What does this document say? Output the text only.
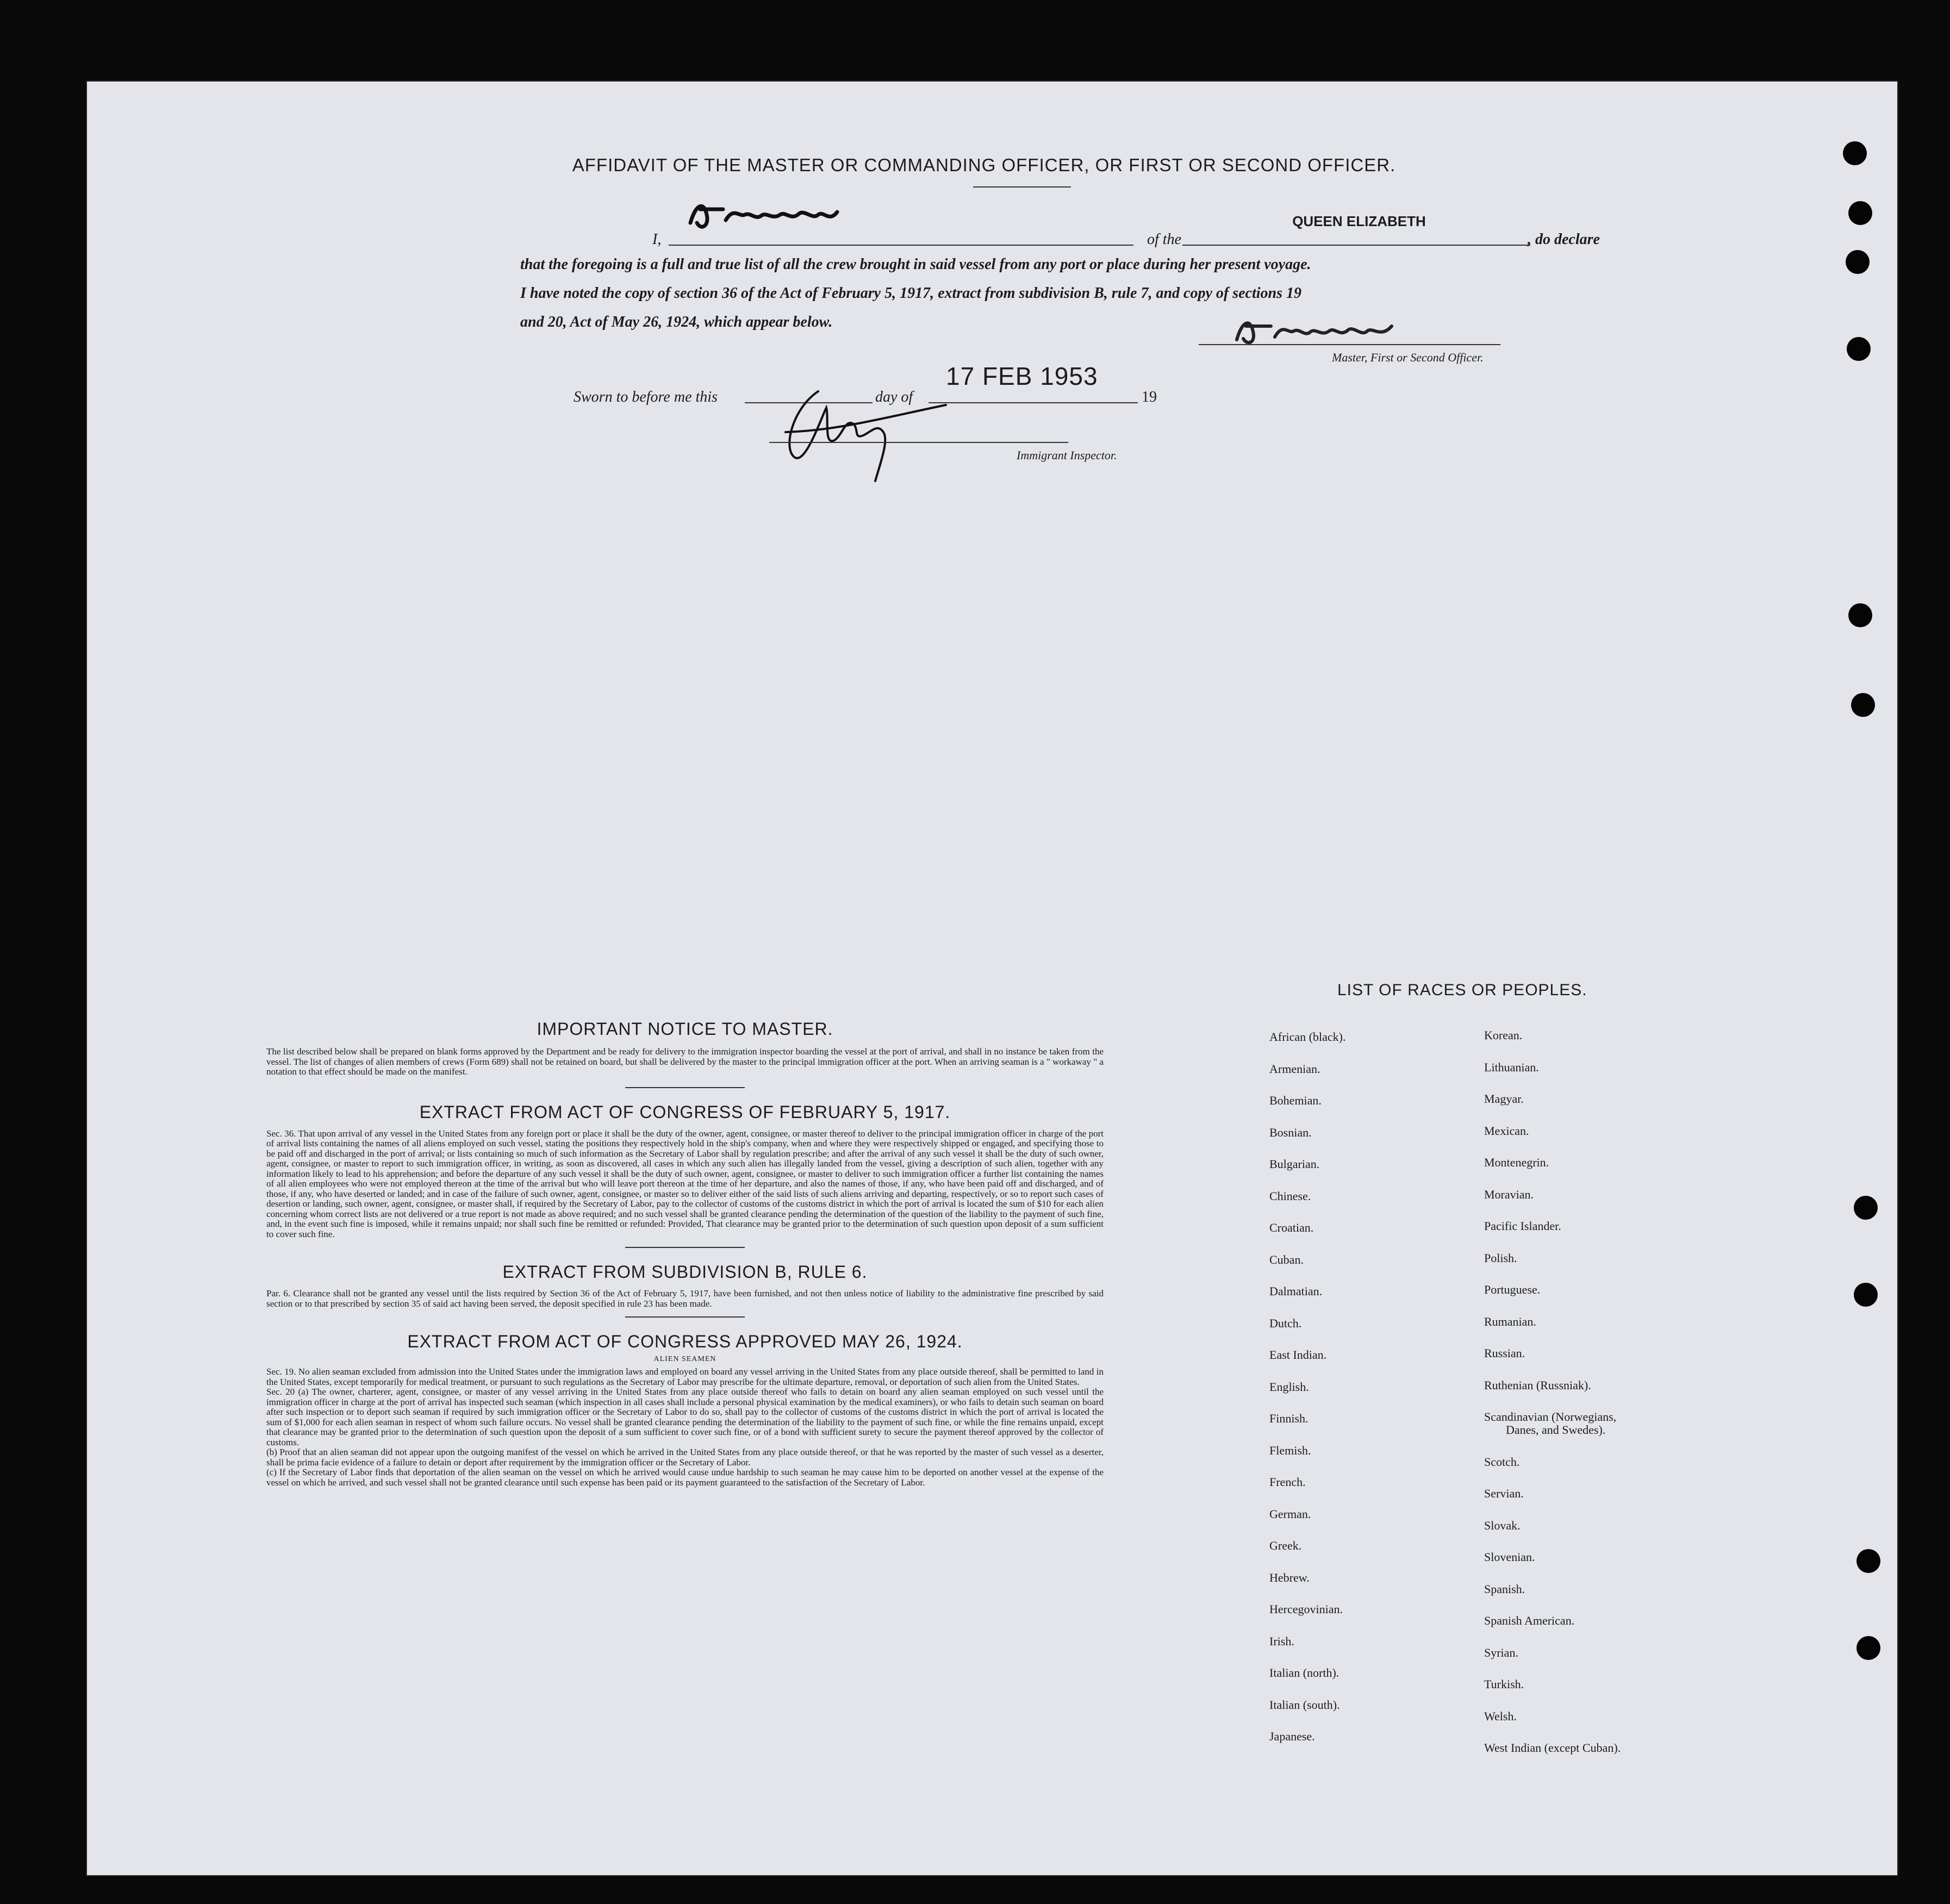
AFFIDAVIT OF THE MASTER OR COMMANDING OFFICER, OR FIRST OR SECOND OFFICER.
I,	of the
QUEEN ELIZABETH
, do declare
that the foregoing is a full and true list of all the crew brought in said vessel from any port or place during her present voyage.
I have noted the copy of section 36 of the Act of February 5, 1917, extract from subdivision B, rule 7, and copy of sections 19
and 20, Act of May 26, 1924, which appear below.
Master, First or Second Officer.
Sworn to before me this	day of
17 FEB 1953
19
Immigrant Inspector.
IMPORTANT NOTICE TO MASTER.
The list described below shall be prepared on blank forms approved by the Department and be ready for delivery to the immigration inspector boarding the vessel at the port of arrival, and shall in no instance be taken from the vessel. The list of changes of alien members of crews (Form 689) shall not be retained on board, but shall be delivered by the master to the principal immigration officer at the port. When an arriving seaman is a " workaway " a notation to that effect should be made on the manifest.
EXTRACT FROM ACT OF CONGRESS OF FEBRUARY 5, 1917.
Sec. 36. That upon arrival of any vessel in the United States from any foreign port or place it shall be the duty of the owner, agent, consignee, or master thereof to deliver to the principal immigration officer in charge of the port of arrival lists containing the names of all aliens employed on such vessel, stating the positions they respectively hold in the ship's company, when and where they were respectively shipped or engaged, and specifying those to be paid off and discharged in the port of arrival; or lists containing so much of such information as the Secretary of Labor shall by regulation prescribe; and after the arrival of any such vessel it shall be the duty of such owner, agent, consignee, or master to report to such immigration officer, in writing, as soon as discovered, all cases in which any such alien has illegally landed from the vessel, giving a description of such alien, together with any information likely to lead to his apprehension; and before the departure of any such vessel it shall be the duty of such owner, agent, consignee, or master to deliver to such immigration officer a further list containing the names of all alien employees who were not employed thereon at the time of the arrival but who will leave port thereon at the time of her departure, and also the names of those, if any, who have been paid off and discharged, and of those, if any, who have deserted or landed; and in case of the failure of such owner, agent, consignee, or master so to deliver either of the said lists of such aliens arriving and departing, respectively, or so to report such cases of desertion or landing, such owner, agent, consignee, or master shall, if required by the Secretary of Labor, pay to the collector of customs of the customs district in which the port of arrival is located the sum of $10 for each alien concerning whom correct lists are not delivered or a true report is not made as above required; and no such vessel shall be granted clearance pending the determination of the question of the liability to the payment of such fine, and, in the event such fine is imposed, while it remains unpaid; nor shall such fine be remitted or refunded: Provided, That clearance may be granted prior to the determination of such question upon deposit of a sum sufficient to cover such fine.
EXTRACT FROM SUBDIVISION B, RULE 6.
Par. 6. Clearance shall not be granted any vessel until the lists required by Section 36 of the Act of February 5, 1917, have been furnished, and not then unless notice of liability to the administrative fine prescribed by said section or to that prescribed by section 35 of said act having been served, the deposit specified in rule 23 has been made.
EXTRACT FROM ACT OF CONGRESS APPROVED MAY 26, 1924.
ALIEN SEAMEN
Sec. 19. No alien seaman excluded from admission into the United States under the immigration laws and employed on board any vessel arriving in the United States from any place outside thereof, shall be permitted to land in the United States, except temporarily for medical treatment, or pursuant to such regulations as the Secretary of Labor may prescribe for the ultimate departure, removal, or deportation of such alien from the United States.
Sec. 20 (a) The owner, charterer, agent, consignee, or master of any vessel arriving in the United States from any place outside thereof who fails to detain on board any alien seaman employed on such vessel until the immigration officer in charge at the port of arrival has inspected such seaman (which inspection in all cases shall include a personal physical examination by the medical examiners), or who fails to detain such seaman on board after such inspection or to deport such seaman if required by such immigration officer or the Secretary of Labor to do so, shall pay to the collector of customs of the customs district in which the port of arrival is located the sum of $1,000 for each alien seaman in respect of whom such failure occurs. No vessel shall be granted clearance pending the determination of the liability to the payment of such fine, or while the fine remains unpaid, except that clearance may be granted prior to the determination of such question upon the deposit of a sum sufficient to cover such fine, or of a bond with sufficient surety to secure the payment thereof approved by the collector of customs.
(b) Proof that an alien seaman did not appear upon the outgoing manifest of the vessel on which he arrived in the United States from any place outside thereof, or that he was reported by the master of such vessel as a deserter, shall be prima facie evidence of a failure to detain or deport after requirement by the immigration officer or the Secretary of Labor.
(c) If the Secretary of Labor finds that deportation of the alien seaman on the vessel on which he arrived would cause undue hardship to such seaman he may cause him to be deported on another vessel at the expense of the vessel on which he arrived, and such vessel shall not be granted clearance until such expense has been paid or its payment guaranteed to the satisfaction of the Secretary of Labor.
LIST OF RACES OR PEOPLES.
African (black).
Armenian.
Bohemian.
Bosnian.
Bulgarian.
Chinese.
Croatian.
Cuban.
Dalmatian.
Dutch.
East Indian.
English.
Finnish.
Flemish.
French.
German.
Greek.
Hebrew.
Hercegovinian.
Irish.
Italian (north).
Italian (south).
Japanese.
Korean.
Lithuanian.
Magyar.
Mexican.
Montenegrin.
Moravian.
Pacific Islander.
Polish.
Portuguese.
Rumanian.
Russian.
Ruthenian (Russniak).
Scandinavian (Norwegians,
Danes, and Swedes).
Scotch.
Servian.
Slovak.
Slovenian.
Spanish.
Spanish American.
Syrian.
Turkish.
Welsh.
West Indian (except Cuban).
